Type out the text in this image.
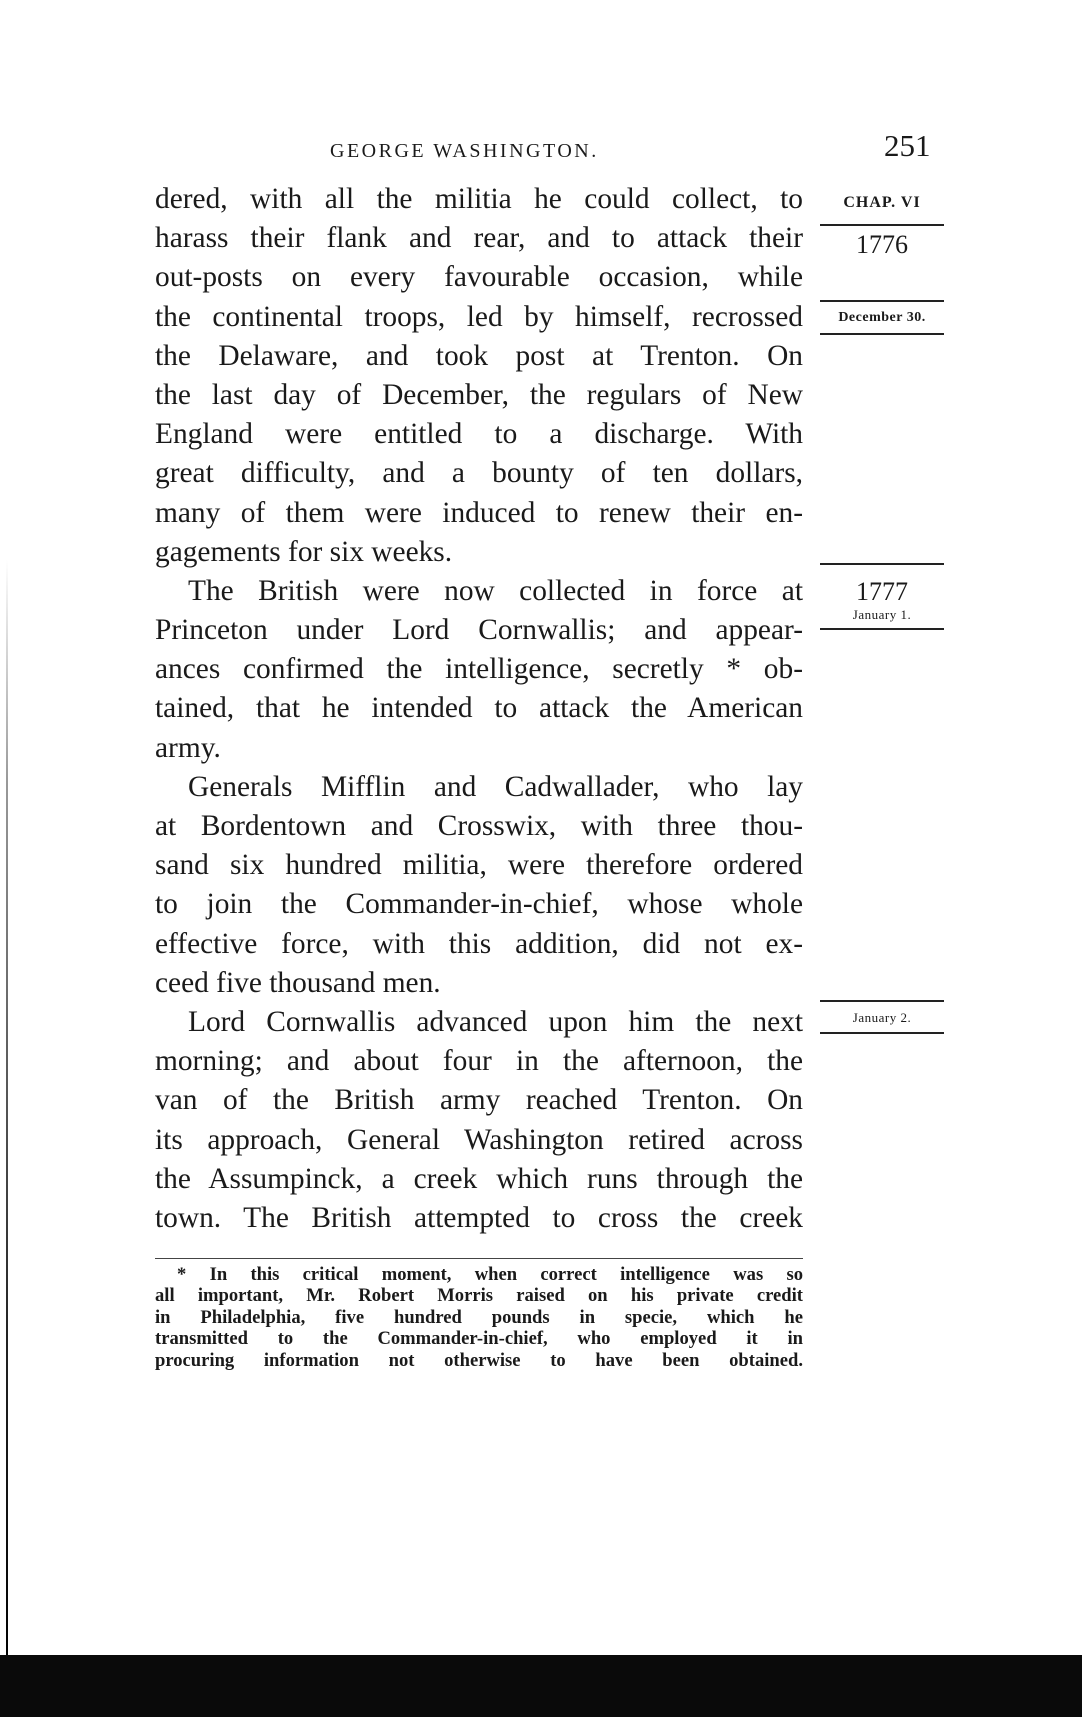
GEORGE WASHINGTON.	251
CHAP. VI
1776
December 30.
1777
January 1.
January 2.

dered, with all the militia he could collect, to
harass their flank and rear, and to attack their
out-posts on every favourable occasion, while
the continental troops, led by himself, recrossed
the Delaware, and took post at Trenton. On
the last day of December, the regulars of New
England were entitled to a discharge. With
great difficulty, and a bounty of ten dollars,
many of them were induced to renew their en-
gagements for six weeks.

The British were now collected in force at
Princeton under Lord Cornwallis; and appear-
ances confirmed the intelligence, secretly * ob-
tained, that he intended to attack the American
army.

Generals Mifflin and Cadwallader, who lay
at Bordentown and Crosswix, with three thou-
sand six hundred militia, were therefore ordered
to join the Commander-in-chief, whose whole
effective force, with this addition, did not ex-
ceed five thousand men.

Lord Cornwallis advanced upon him the next
morning; and about four in the afternoon, the
van of the British army reached Trenton. On
its approach, General Washington retired across
the Assumpinck, a creek which runs through the
town. The British attempted to cross the creek

* In this critical moment, when correct intelligence was so
all important, Mr. Robert Morris raised on his private credit
in Philadelphia, five hundred pounds in specie, which he
transmitted to the Commander-in-chief, who employed it in
procuring information not otherwise to have been obtained.
